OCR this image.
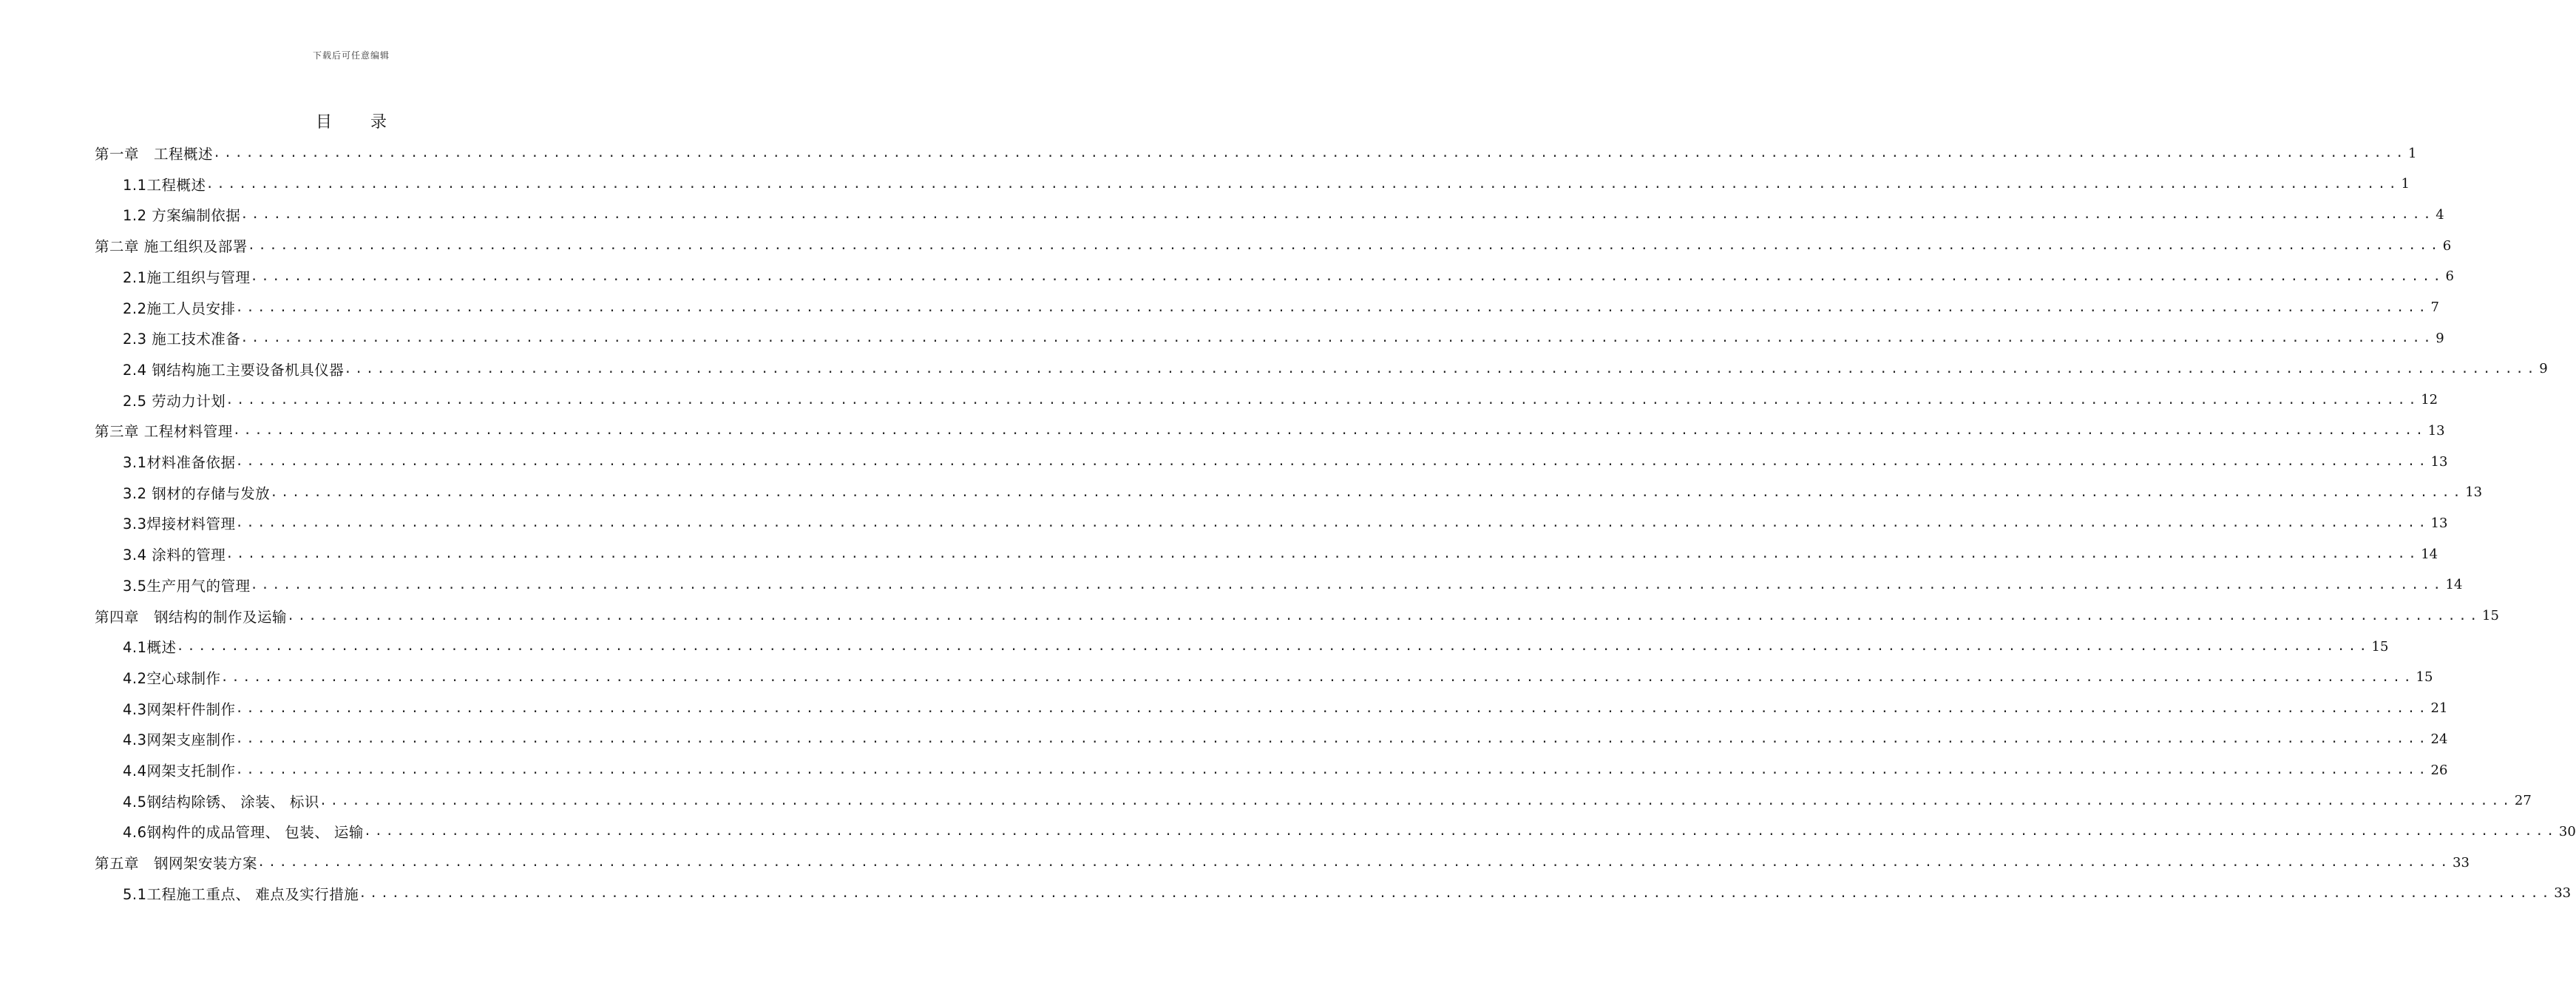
下载后可任意编辑
目录
第一章　工程概述 ........................................................................................................................................................................................................ 1
1.1工程概述 ........................................................................................................................................................................................................ 1
1.2 方案编制依据 ........................................................................................................................................................................................................ 4
第二章 施工组织及部署 ........................................................................................................................................................................................................ 6
2.1施工组织与管理 ........................................................................................................................................................................................................ 6
2.2施工人员安排 ........................................................................................................................................................................................................ 7
2.3 施工技术准备 ........................................................................................................................................................................................................ 9
2.4 钢结构施工主要设备机具仪器 ........................................................................................................................................................................................................ 9
2.5 劳动力计划 ........................................................................................................................................................................................................ 12
第三章 工程材料管理 ........................................................................................................................................................................................................ 13
3.1材料准备依据 ........................................................................................................................................................................................................ 13
3.2 钢材的存储与发放 ........................................................................................................................................................................................................ 13
3.3焊接材料管理 ........................................................................................................................................................................................................ 13
3.4 涂料的管理 ........................................................................................................................................................................................................ 14
3.5生产用气的管理 ........................................................................................................................................................................................................ 14
第四章　钢结构的制作及运输 ........................................................................................................................................................................................................ 15
4.1概述 ........................................................................................................................................................................................................ 15
4.2空心球制作 ........................................................................................................................................................................................................ 15
4.3网架杆件制作 ........................................................................................................................................................................................................ 21
4.3网架支座制作 ........................................................................................................................................................................................................ 24
4.4网架支托制作 ........................................................................................................................................................................................................ 26
4.5钢结构除锈、 涂装、 标识 ........................................................................................................................................................................................................ 27
4.6钢构件的成品管理、 包装、 运输 ........................................................................................................................................................................................................ 30
第五章　钢网架安装方案 ........................................................................................................................................................................................................ 33
5.1工程施工重点、 难点及实行措施 ........................................................................................................................................................................................................ 33
